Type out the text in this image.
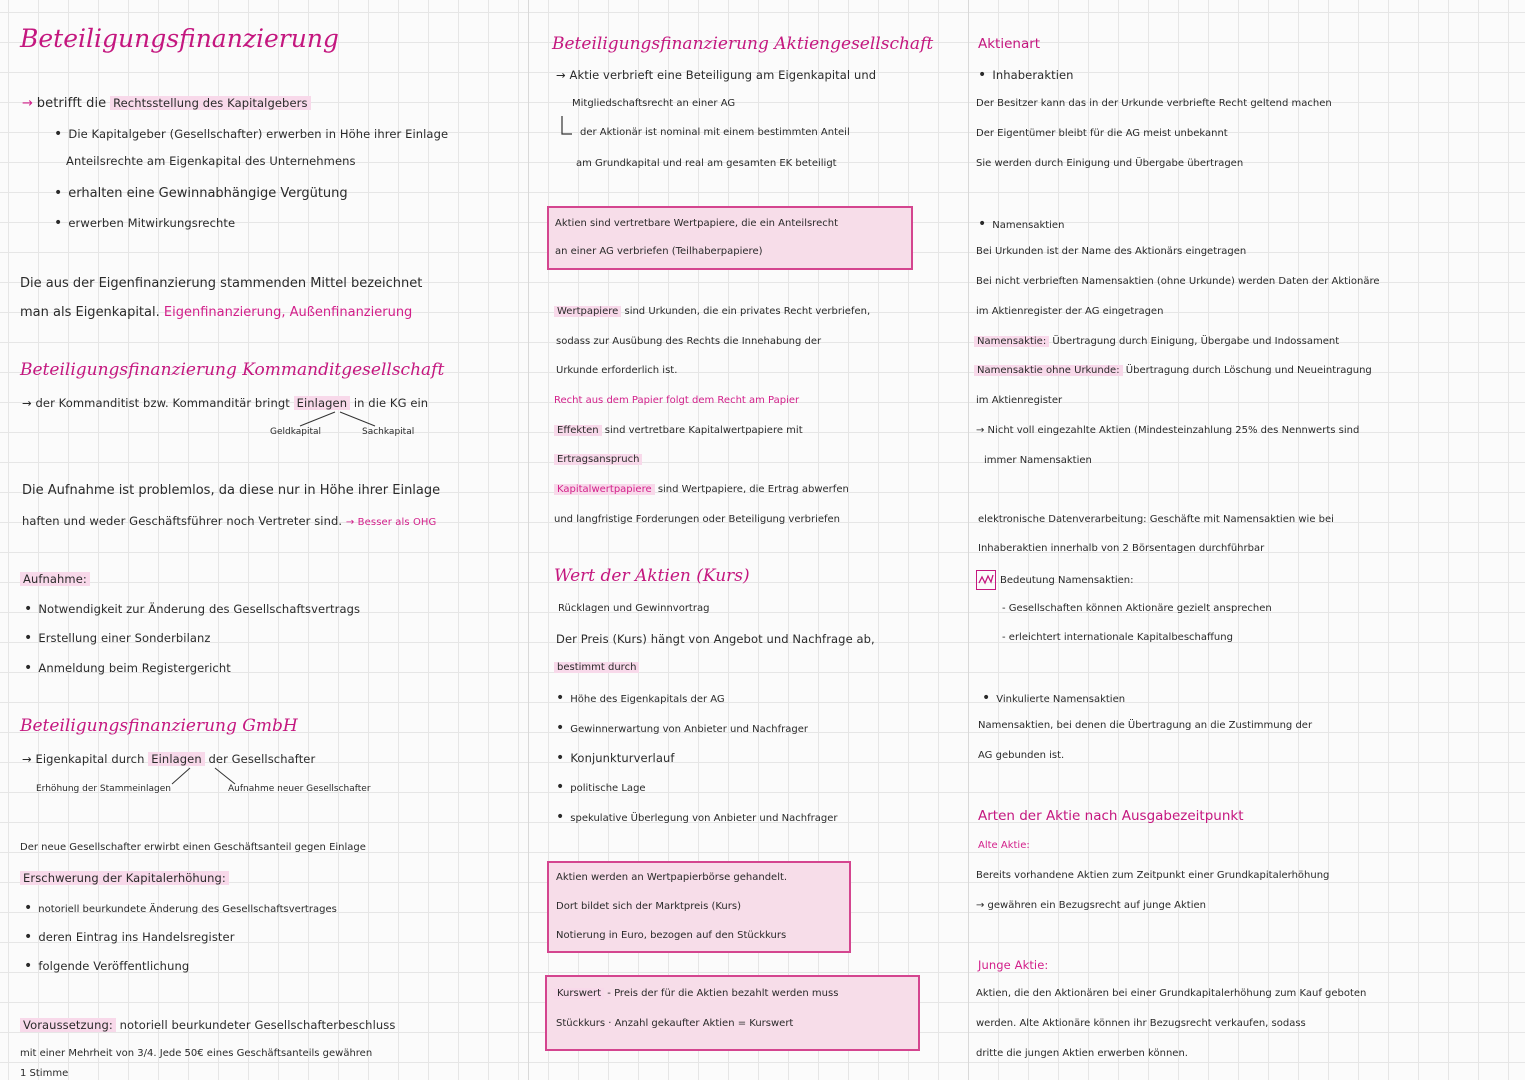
Beteiligungsfinanzierung
→ betrifft die Rechtsstellung des Kapitalgebers
• Die Kapitalgeber (Gesellschafter) erwerben in Höhe ihrer Einlage
Anteilsrechte am Eigenkapital des Unternehmens
• erhalten eine Gewinnabhängige Vergütung
• erwerben Mitwirkungsrechte
Die aus der Eigenfinanzierung stammenden Mittel bezeichnet
man als Eigenkapital. Eigenfinanzierung, Außenfinanzierung
Beteiligungsfinanzierung Kommanditgesellschaft
→ der Kommanditist bzw. Kommanditär bringt Einlagen in die KG ein
Geldkapital	Sachkapital
Die Aufnahme ist problemlos, da diese nur in Höhe ihrer Einlage
haften und weder Geschäftsführer noch Vertreter sind. → Besser als OHG
Aufnahme:
• Notwendigkeit zur Änderung des Gesellschaftsvertrags
• Erstellung einer Sonderbilanz
• Anmeldung beim Registergericht
Beteiligungsfinanzierung GmbH
→ Eigenkapital durch Einlagen der Gesellschafter
Erhöhung der Stammeinlagen	Aufnahme neuer Gesellschafter
Der neue Gesellschafter erwirbt einen Geschäftsanteil gegen Einlage
Erschwerung der Kapitalerhöhung:
• notoriell beurkundete Änderung des Gesellschaftsvertrages
• deren Eintrag ins Handelsregister
• folgende Veröffentlichung
Voraussetzung: notoriell beurkundeter Gesellschafterbeschluss
mit einer Mehrheit von 3/4. Jede 50€ eines Geschäftsanteils gewähren
1 Stimme
Beteiligungsfinanzierung Aktiengesellschaft
→ Aktie verbrieft eine Beteiligung am Eigenkapital und
Mitgliedschaftsrecht an einer AG
der Aktionär ist nominal mit einem bestimmten Anteil
am Grundkapital und real am gesamten EK beteiligt
Aktien sind vertretbare Wertpapiere, die ein Anteilsrecht
an einer AG verbriefen (Teilhaberpapiere)
Wertpapiere sind Urkunden, die ein privates Recht verbriefen,
sodass zur Ausübung des Rechts die Innehabung der
Urkunde erforderlich ist.
Recht aus dem Papier folgt dem Recht am Papier
Effekten sind vertretbare Kapitalwertpapiere mit
Ertragsanspruch
Kapitalwertpapiere sind Wertpapiere, die Ertrag abwerfen
und langfristige Forderungen oder Beteiligung verbriefen
Wert der Aktien (Kurs)
Rücklagen und Gewinnvortrag
Der Preis (Kurs) hängt von Angebot und Nachfrage ab,
bestimmt durch
• Höhe des Eigenkapitals der AG
• Gewinnerwartung von Anbieter und Nachfrager
• Konjunkturverlauf
• politische Lage
• spekulative Überlegung von Anbieter und Nachfrager
Aktien werden an Wertpapierbörse gehandelt.
Dort bildet sich der Marktpreis (Kurs)
Notierung in Euro, bezogen auf den Stückkurs
Kurswert - Preis der für die Aktien bezahlt werden muss
Stückkurs · Anzahl gekaufter Aktien = Kurswert
Aktienart
• Inhaberaktien
Der Besitzer kann das in der Urkunde verbriefte Recht geltend machen
Der Eigentümer bleibt für die AG meist unbekannt
Sie werden durch Einigung und Übergabe übertragen
• Namensaktien
Bei Urkunden ist der Name des Aktionärs eingetragen
Bei nicht verbrieften Namensaktien (ohne Urkunde) werden Daten der Aktionäre
im Aktienregister der AG eingetragen
Namensaktie: Übertragung durch Einigung, Übergabe und Indossament
Namensaktie ohne Urkunde: Übertragung durch Löschung und Neueintragung
im Aktienregister
→ Nicht voll eingezahlte Aktien (Mindesteinzahlung 25% des Nennwerts sind
immer Namensaktien
elektronische Datenverarbeitung: Geschäfte mit Namensaktien wie bei
Inhaberaktien innerhalb von 2 Börsentagen durchführbar
Bedeutung Namensaktien:
- Gesellschaften können Aktionäre gezielt ansprechen
- erleichtert internationale Kapitalbeschaffung
• Vinkulierte Namensaktien
Namensaktien, bei denen die Übertragung an die Zustimmung der
AG gebunden ist.
Arten der Aktie nach Ausgabezeitpunkt
Alte Aktie:
Bereits vorhandene Aktien zum Zeitpunkt einer Grundkapitalerhöhung
→ gewähren ein Bezugsrecht auf junge Aktien
Junge Aktie:
Aktien, die den Aktionären bei einer Grundkapitalerhöhung zum Kauf geboten
werden. Alte Aktionäre können ihr Bezugsrecht verkaufen, sodass
dritte die jungen Aktien erwerben können.
